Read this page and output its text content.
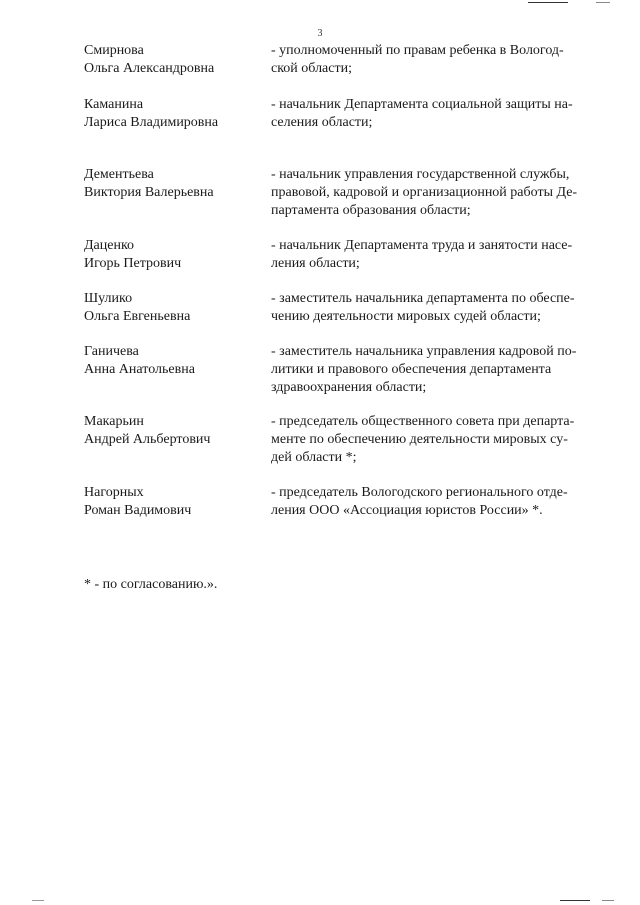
3
Смирнова
Ольга Александровна
- уполномоченный по правам ребенка в Вологод-
ской области;
Каманина
Лариса Владимировна
- начальник Департамента социальной защиты на-
селения области;
Дементьева
Виктория Валерьевна
- начальник управления государственной службы,
правовой, кадровой и организационной работы Де-
партамента образования области;
Даценко
Игорь Петрович
- начальник Департамента труда и занятости насе-
ления области;
Шулико
Ольга Евгеньевна
- заместитель начальника департамента по обеспе-
чению деятельности мировых судей области;
Ганичева
Анна Анатольевна
- заместитель начальника управления кадровой по-
литики и правового обеспечения департамента
здравоохранения области;
Макарьин
Андрей Альбертович
- председатель общественного совета при департа-
менте по обеспечению деятельности мировых су-
дей области *;
Нагорных
Роман Вадимович
- председатель Вологодского регионального отде-
ления ООО «Ассоциация юристов России» *.
* - по согласованию.».
